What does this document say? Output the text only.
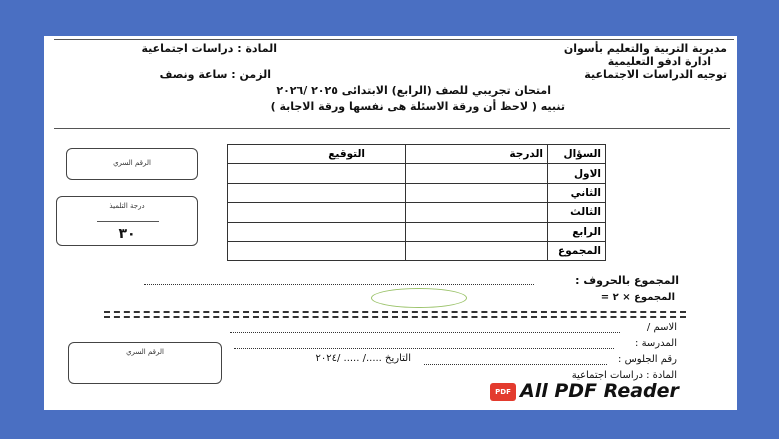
مديرية التربية والتعليم بأسوان
ادارة ادفو التعليمية
توجيه الدراسات الاجتماعية
المادة : دراسات اجتماعية
الزمن : ساعة ونصف
امتحان تجريبي للصف (الرابع) الابتدائى ٢٠٢٥ /٢٠٢٦
تنبيه ( لاحظ أن ورقة الاسئلة هى نفسها ورقة الاجابة )
الرقم السري
درجة التلميذ
٣٠
السؤال	الدرجة	التوقيع
الاول		
الثاني		
الثالث		
الرابع		
المجموع		
المجموع بالحروف :
المجموع × ٢ =
الاسم /
المدرسة :
رقم الجلوس :
التاريخ ...../ ..... /٢٠٢٤
المادة : دراسات اجتماعية
الرقم السري
PDF All PDF Reader
